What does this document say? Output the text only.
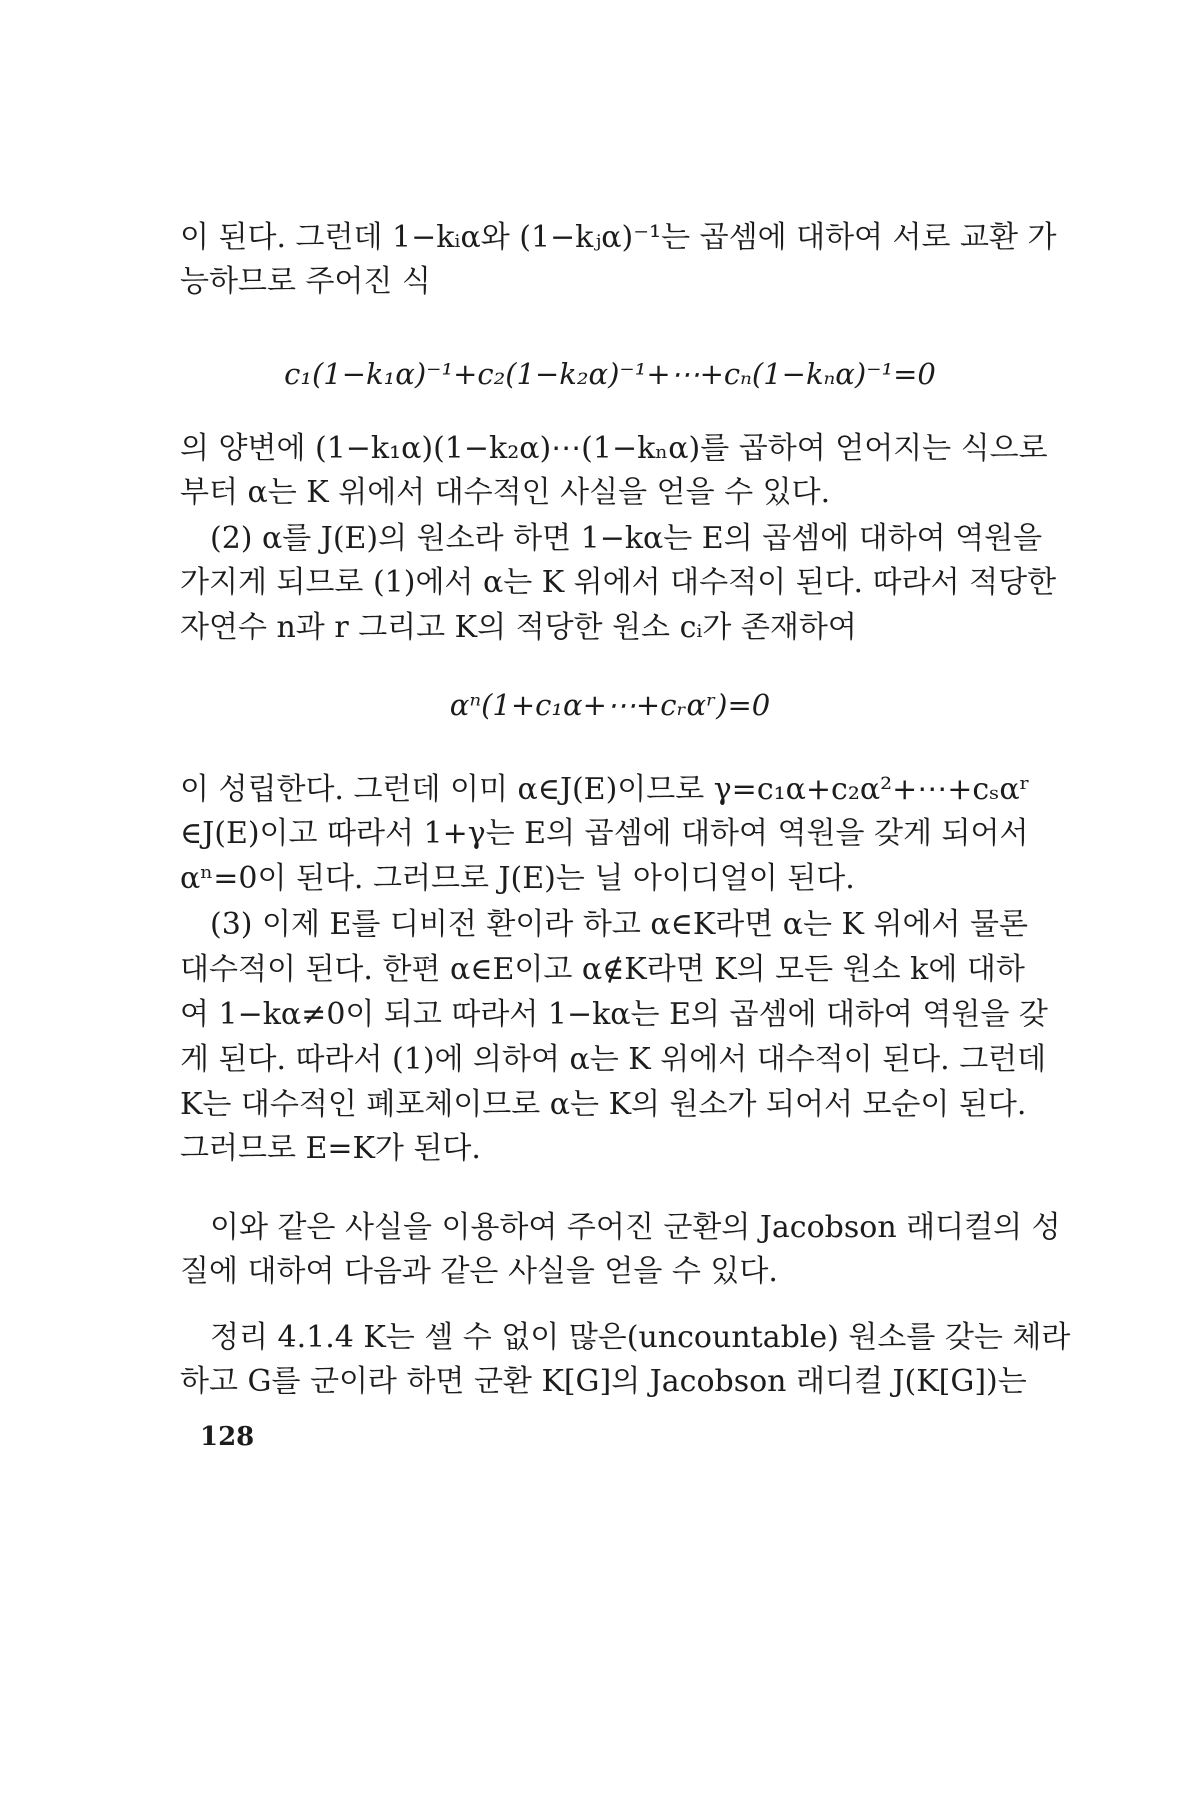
이 된다. 그런데 1−kᵢα와 (1−kⱼα)⁻¹는 곱셈에 대하여 서로 교환 가
능하므로 주어진 식
c₁(1−k₁α)⁻¹+c₂(1−k₂α)⁻¹+⋯+cₙ(1−kₙα)⁻¹=0
의 양변에 (1−k₁α)(1−k₂α)⋯(1−kₙα)를 곱하여 얻어지는 식으로
부터 α는 K 위에서 대수적인 사실을 얻을 수 있다.
(2) α를 J(E)의 원소라 하면 1−kα는 E의 곱셈에 대하여 역원을
가지게 되므로 (1)에서 α는 K 위에서 대수적이 된다. 따라서 적당한
자연수 n과 r 그리고 K의 적당한 원소 cᵢ가 존재하여
αⁿ(1+c₁α+⋯+cᵣαʳ)=0
이 성립한다. 그런데 이미 α∈J(E)이므로 γ=c₁α+c₂α²+⋯+cₛαʳ
∈J(E)이고 따라서 1+γ는 E의 곱셈에 대하여 역원을 갖게 되어서
αⁿ=0이 된다. 그러므로 J(E)는 닐 아이디얼이 된다.
(3) 이제 E를 디비전 환이라 하고 α∈K라면 α는 K 위에서 물론
대수적이 된다. 한편 α∈E이고 α∉K라면 K의 모든 원소 k에 대하
여 1−kα≠0이 되고 따라서 1−kα는 E의 곱셈에 대하여 역원을 갖
게 된다. 따라서 (1)에 의하여 α는 K 위에서 대수적이 된다. 그런데
K는 대수적인 폐포체이므로 α는 K의 원소가 되어서 모순이 된다.
그러므로 E=K가 된다.
이와 같은 사실을 이용하여 주어진 군환의 Jacobson 래디컬의 성
질에 대하여 다음과 같은 사실을 얻을 수 있다.
정리 4.1.4 K는 셀 수 없이 많은(uncountable) 원소를 갖는 체라
하고 G를 군이라 하면 군환 K[G]의 Jacobson 래디컬 J(K[G])는
128
